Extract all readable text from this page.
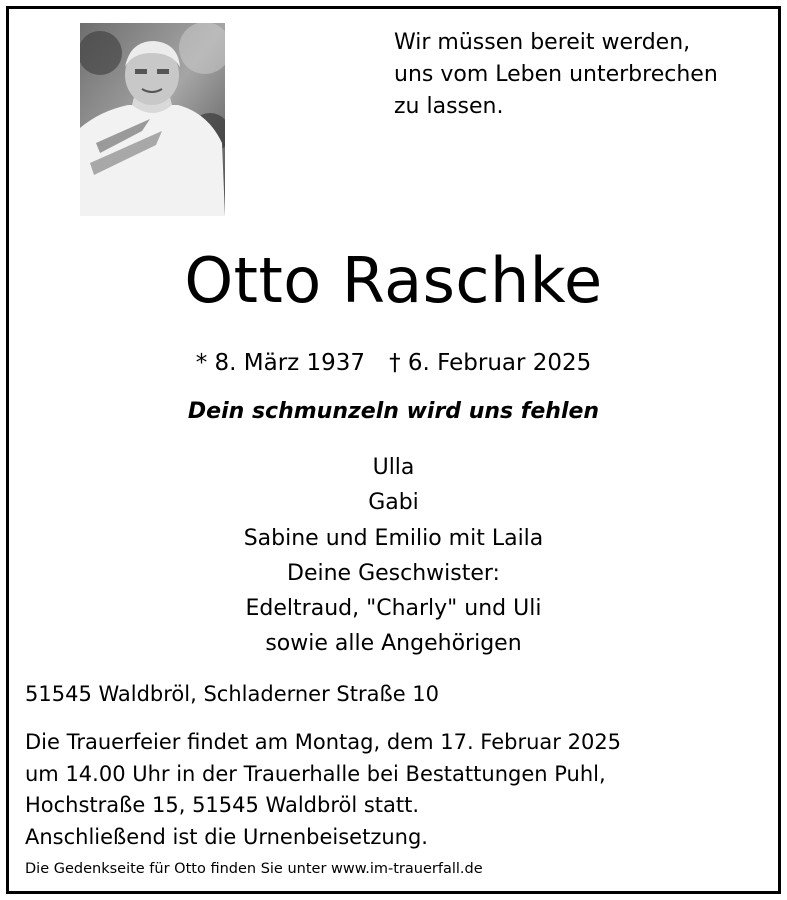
Wir müssen bereit werden,
uns vom Leben unterbrechen
zu lassen.
Otto Raschke
* 8. März 1937 † 6. Februar 2025
Dein schmunzeln wird uns fehlen
Ulla
Gabi
Sabine und Emilio mit Laila
Deine Geschwister:
Edeltraud, "Charly" und Uli
sowie alle Angehörigen
51545 Waldbröl, Schladerner Straße 10
Die Trauerfeier findet am Montag, dem 17. Februar 2025
um 14.00 Uhr in der Trauerhalle bei Bestattungen Puhl,
Hochstraße 15, 51545 Waldbröl statt.
Anschließend ist die Urnenbeisetzung.
Die Gedenkseite für Otto finden Sie unter www.im-trauerfall.de
